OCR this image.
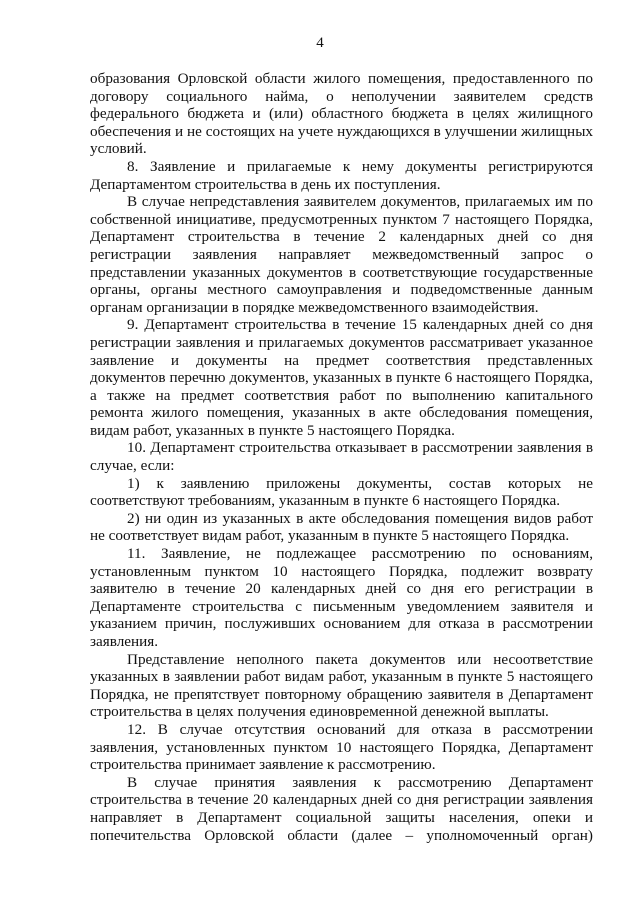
4

образования Орловской области жилого помещения, предоставленного по договору социального найма, о неполучении заявителем средств федерального бюджета и (или) областного бюджета в целях жилищного обеспечения и не состоящих на учете нуждающихся в улучшении жилищных условий.

8. Заявление и прилагаемые к нему документы регистрируются Департаментом строительства в день их поступления.

В случае непредставления заявителем документов, прилагаемых им по собственной инициативе, предусмотренных пунктом 7 настоящего Порядка, Департамент строительства в течение 2 календарных дней со дня регистрации заявления направляет межведомственный запрос о представлении указанных документов в соответствующие государственные органы, органы местного самоуправления и подведомственные данным органам организации в порядке межведомственного взаимодействия.

9. Департамент строительства в течение 15 календарных дней со дня регистрации заявления и прилагаемых документов рассматривает указанное заявление и документы на предмет соответствия представленных документов перечню документов, указанных в пункте 6 настоящего Порядка, а также на предмет соответствия работ по выполнению капитального ремонта жилого помещения, указанных в акте обследования помещения, видам работ, указанных в пункте 5 настоящего Порядка.

10. Департамент строительства отказывает в рассмотрении заявления в случае, если:

1) к заявлению приложены документы, состав которых не соответствуют требованиям, указанным в пункте 6 настоящего Порядка.

2) ни один из указанных в акте обследования помещения видов работ не соответствует видам работ, указанным в пункте 5 настоящего Порядка.

11. Заявление, не подлежащее рассмотрению по основаниям, установленным пунктом 10 настоящего Порядка, подлежит возврату заявителю в течение 20 календарных дней со дня его регистрации в Департаменте строительства с письменным уведомлением заявителя и указанием причин, послуживших основанием для отказа в рассмотрении заявления.

Представление неполного пакета документов или несоответствие указанных в заявлении работ видам работ, указанным в пункте 5 настоящего Порядка, не препятствует повторному обращению заявителя в Департамент строительства в целях получения единовременной денежной выплаты.

12. В случае отсутствия оснований для отказа в рассмотрении заявления, установленных пунктом 10 настоящего Порядка, Департамент строительства принимает заявление к рассмотрению.

В случае принятия заявления к рассмотрению Департамент строительства в течение 20 календарных дней со дня регистрации заявления направляет в Департамент социальной защиты населения, опеки и попечительства Орловской области (далее – уполномоченный орган)
